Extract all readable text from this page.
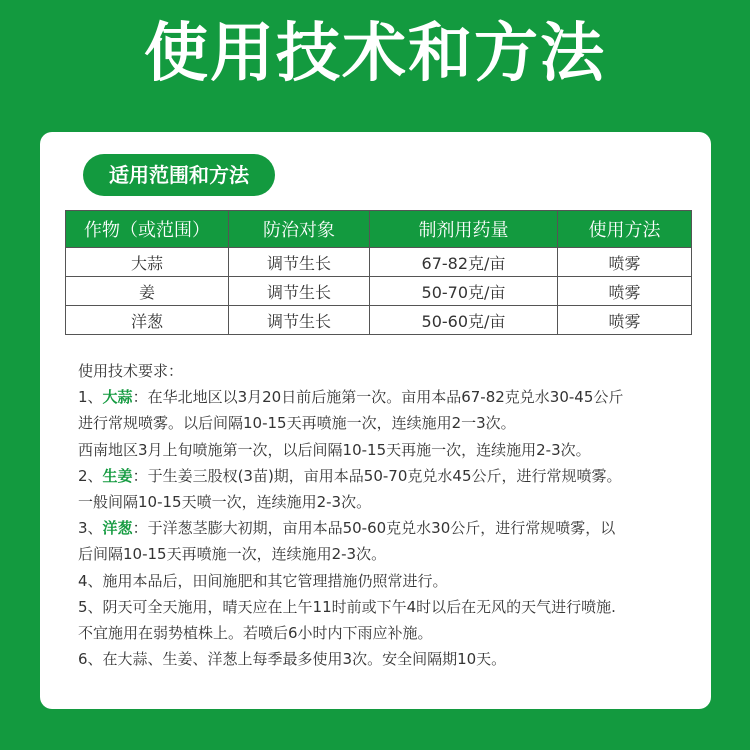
使用技术和方法
适用范围和方法
作物（或范围）	防治对象	制剂用药量	使用方法
大蒜	调节生长	67-82克/亩	喷雾
姜	调节生长	50-70克/亩	喷雾
洋葱	调节生长	50-60克/亩	喷雾

使用技术要求：

1、大蒜：在华北地区以3月20日前后施第一次。亩用本品67-82克兑水30-45公斤

进行常规喷雾。以后间隔10-15天再喷施一次，连续施用2一3次。

西南地区3月上旬喷施第一次，以后间隔10-15天再施一次，连续施用2-3次。

2、生姜：于生姜三股杈(3苗)期，亩用本品50-70克兑水45公斤，进行常规喷雾。

一般间隔10-15天喷一次，连续施用2-3次。

3、洋葱：于洋葱茎膨大初期，亩用本品50-60克兑水30公斤，进行常规喷雾，以

后间隔10-15天再喷施一次，连续施用2-3次。

4、施用本品后，田间施肥和其它管理措施仍照常进行。

5、阴天可全天施用，晴天应在上午11时前或下午4时以后在无风的天气进行喷施.

不宜施用在弱势植株上。若喷后6小时内下雨应补施。

6、在大蒜、生姜、洋葱上每季最多使用3次。安全间隔期10天。
